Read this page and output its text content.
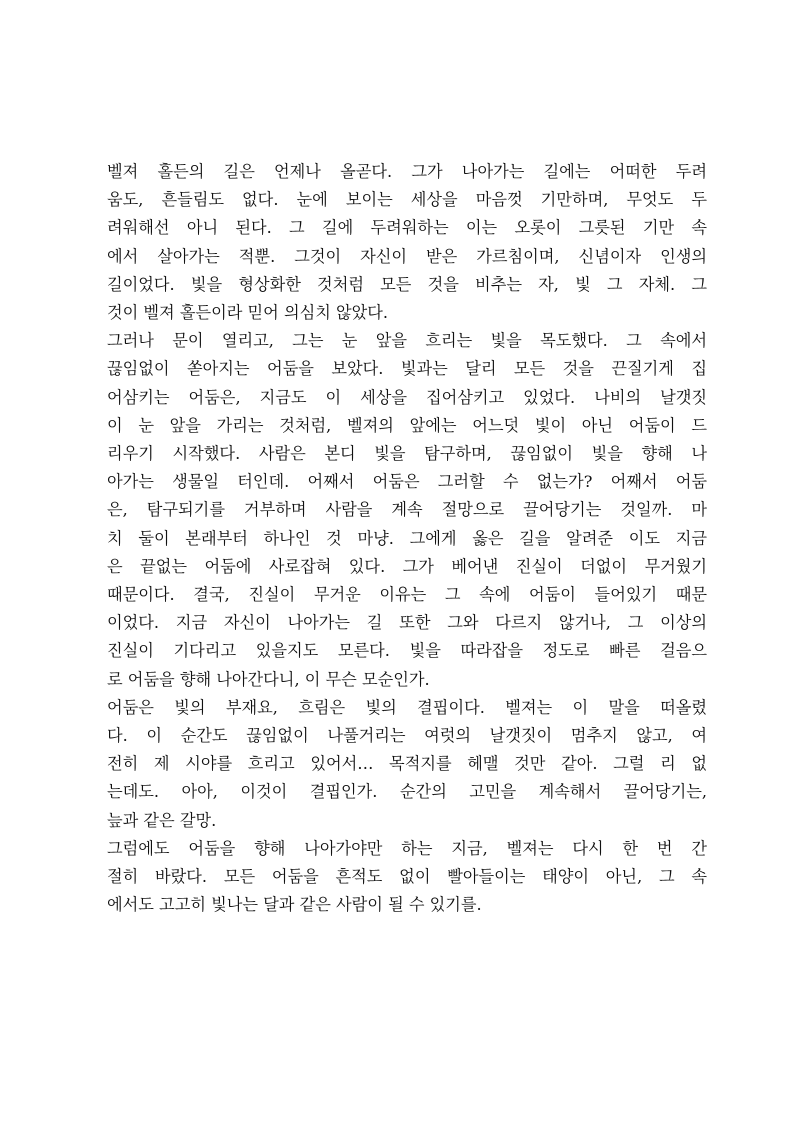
벨져 홀든의 길은 언제나 올곧다. 그가 나아가는 길에는 어떠한 두려
움도, 흔들림도 없다. 눈에 보이는 세상을 마음껏 기만하며, 무엇도 두
려워해선 아니 된다. 그 길에 두려워하는 이는 오롯이 그릇된 기만 속
에서 살아가는 적뿐. 그것이 자신이 받은 가르침이며, 신념이자 인생의
길이었다. 빛을 형상화한 것처럼 모든 것을 비추는 자, 빛 그 자체. 그
것이 벨져 홀든이라 믿어 의심치 않았다.

그러나 문이 열리고, 그는 눈 앞을 흐리는 빛을 목도했다. 그 속에서
끊임없이 쏟아지는 어둠을 보았다. 빛과는 달리 모든 것을 끈질기게 집
어삼키는 어둠은, 지금도 이 세상을 집어삼키고 있었다. 나비의 날갯짓
이 눈 앞을 가리는 것처럼, 벨져의 앞에는 어느덧 빛이 아닌 어둠이 드
리우기 시작했다. 사람은 본디 빛을 탐구하며, 끊임없이 빛을 향해 나
아가는 생물일 터인데. 어째서 어둠은 그러할 수 없는가? 어째서 어둠
은, 탐구되기를 거부하며 사람을 계속 절망으로 끌어당기는 것일까. 마
치 둘이 본래부터 하나인 것 마냥. 그에게 옳은 길을 알려준 이도 지금
은 끝없는 어둠에 사로잡혀 있다. 그가 베어낸 진실이 더없이 무거웠기
때문이다. 결국, 진실이 무거운 이유는 그 속에 어둠이 들어있기 때문
이었다. 지금 자신이 나아가는 길 또한 그와 다르지 않거나, 그 이상의
진실이 기다리고 있을지도 모른다. 빛을 따라잡을 정도로 빠른 걸음으
로 어둠을 향해 나아간다니, 이 무슨 모순인가.

어둠은 빛의 부재요, 흐림은 빛의 결핍이다. 벨져는 이 말을 떠올렸
다. 이 순간도 끊임없이 나풀거리는 여럿의 날갯짓이 멈추지 않고, 여
전히 제 시야를 흐리고 있어서… 목적지를 헤맬 것만 같아. 그럴 리 없
는데도. 아아, 이것이 결핍인가. 순간의 고민을 계속해서 끌어당기는,
늪과 같은 갈망.

그럼에도 어둠을 향해 나아가야만 하는 지금, 벨져는 다시 한 번 간
절히 바랐다. 모든 어둠을 흔적도 없이 빨아들이는 태양이 아닌, 그 속
에서도 고고히 빛나는 달과 같은 사람이 될 수 있기를.
